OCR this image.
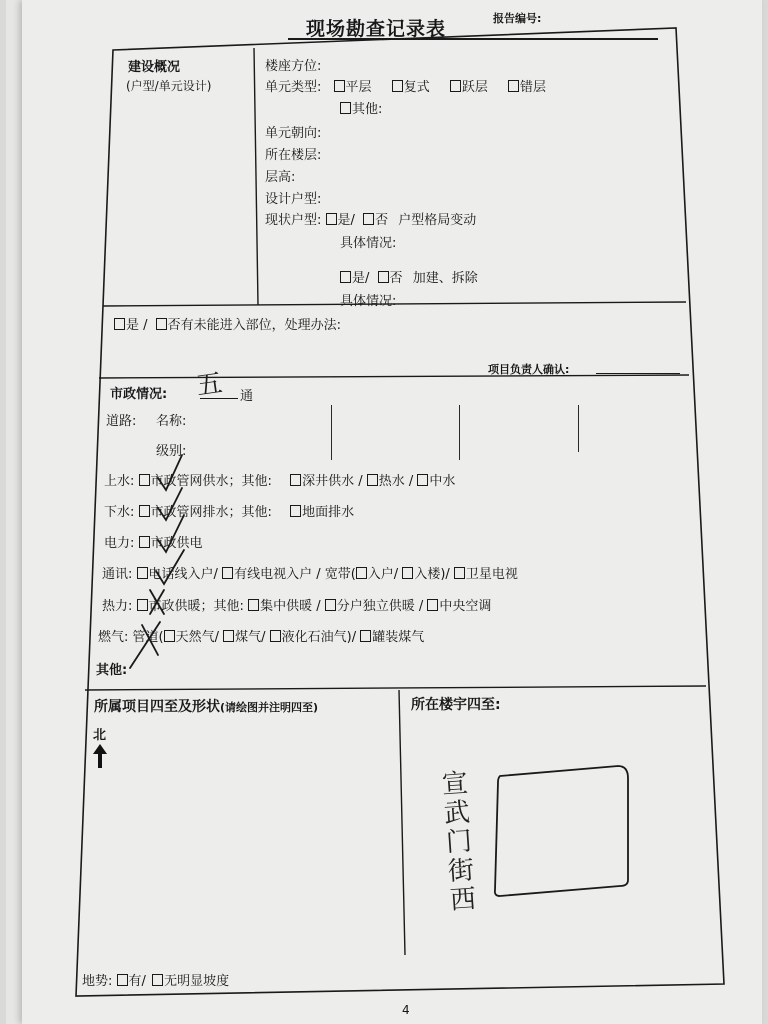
现场勘查记录表	报告编号:
建设概况
(户型/单元设计)
楼座方位:
单元类型: 平层 复式 跃层 错层
其他:
单元朝向:
所在楼层:
层高:
设计户型:
现状户型: 是/ 否 户型格局变动
具体情况:
是/ 否 加建、拆除
具体情况:
是 / 否有未能进入部位，处理办法:
项目负责人确认:
市政情况: 五 通
道路: 名称:
级别:
上水: 市政管网供水；其他: 深井供水 / 热水 / 中水
下水: 市政管网排水；其他: 地面排水
电力: 市政供电
通讯: 电话线入户/ 有线电视入户 / 宽带( 入户/ 入楼)/ 卫星电视
热力: 市政供暖；其他: 集中供暖 / 分户独立供暖 / 中央空调
燃气: 管道( 天然气/ 煤气/ 液化石油气)/ 罐装煤气
其他:
所属项目四至及形状(请绘图并注明四至)	所在楼宇四至:
北
宣武门街西
地势: 有/ 无明显坡度
4
